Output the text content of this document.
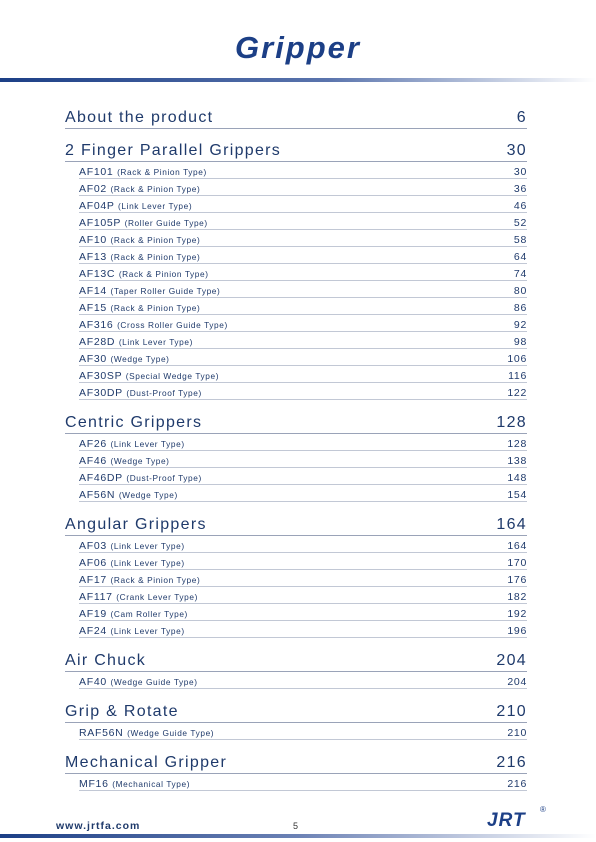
Gripper
About the product	6
2 Finger Parallel Grippers	30
AF101 (Rack & Pinion Type)	30
AF02 (Rack & Pinion Type)	36
AF04P (Link Lever Type)	46
AF105P (Roller Guide Type)	52
AF10 (Rack & Pinion Type)	58
AF13 (Rack & Pinion Type)	64
AF13C (Rack & Pinion Type)	74
AF14 (Taper Roller Guide Type)	80
AF15 (Rack & Pinion Type)	86
AF316 (Cross Roller Guide Type)	92
AF28D (Link Lever Type)	98
AF30 (Wedge Type)	106
AF30SP (Special Wedge Type)	116
AF30DP (Dust-Proof Type)	122
Centric Grippers	128
AF26 (Link Lever Type)	128
AF46 (Wedge Type)	138
AF46DP (Dust-Proof Type)	148
AF56N (Wedge Type)	154
Angular Grippers	164
AF03 (Link Lever Type)	164
AF06 (Link Lever Type)	170
AF17 (Rack & Pinion Type)	176
AF117 (Crank Lever Type)	182
AF19 (Cam Roller Type)	192
AF24 (Link Lever Type)	196
Air Chuck	204
AF40 (Wedge Guide Type)	204
Grip & Rotate	210
RAF56N (Wedge Guide Type)	210
Mechanical Gripper	216
MF16 (Mechanical Type)	216
www.jrtfa.com	5	JRT
®
